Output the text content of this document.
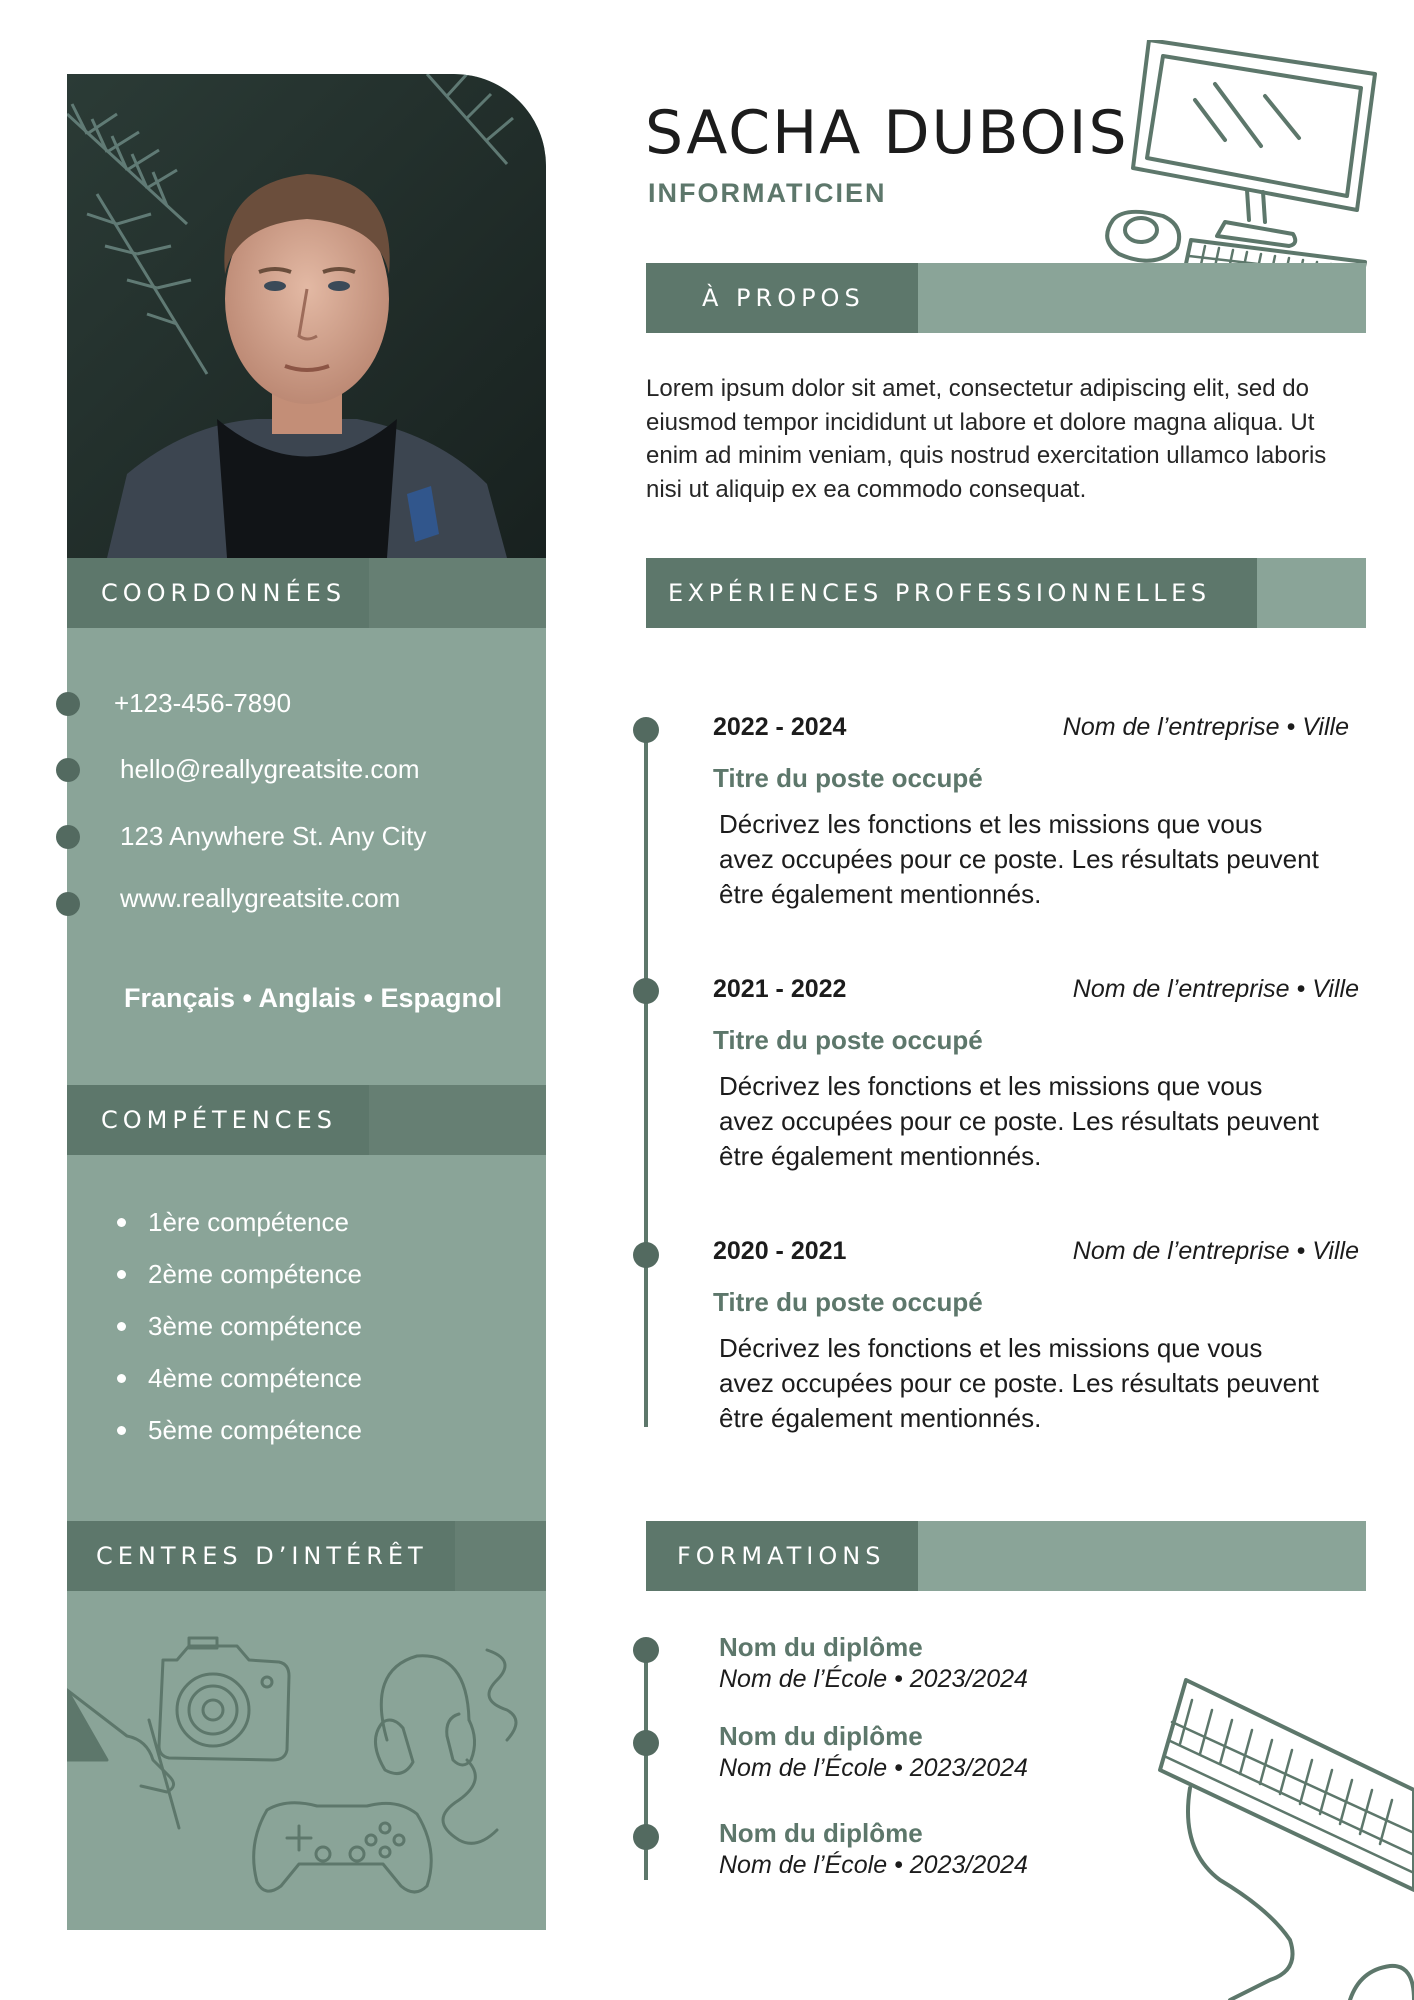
COORDONNÉES
+123-456-7890
hello@reallygreatsite.com
123 Anywhere St. Any City
www.reallygreatsite.com
Français • Anglais • Espagnol
COMPÉTENCES
1ère compétence
2ème compétence
3ème compétence
4ème compétence
5ème compétence
CENTRES D’INTÉRÊT
SACHA DUBOIS
INFORMATICIEN
À PROPOS
Lorem ipsum dolor sit amet, consectetur adipiscing elit, sed do eiusmod tempor incididunt ut labore et dolore magna aliqua. Ut enim ad minim veniam, quis nostrud exercitation ullamco laboris nisi ut aliquip ex ea commodo consequat.
EXPÉRIENCES PROFESSIONNELLES
2022 - 2024	Nom de l’entreprise • Ville
Titre du poste occupé
Décrivez les fonctions et les missions que vous avez occupées pour ce poste. Les résultats peuvent être également mentionnés.
2021 - 2022	Nom de l’entreprise • Ville
Titre du poste occupé
Décrivez les fonctions et les missions que vous avez occupées pour ce poste. Les résultats peuvent être également mentionnés.
2020 - 2021	Nom de l’entreprise • Ville
Titre du poste occupé
Décrivez les fonctions et les missions que vous avez occupées pour ce poste. Les résultats peuvent être également mentionnés.
FORMATIONS
Nom du diplôme
Nom de l’École • 2023/2024
Nom du diplôme
Nom de l’École • 2023/2024
Nom du diplôme
Nom de l’École • 2023/2024
